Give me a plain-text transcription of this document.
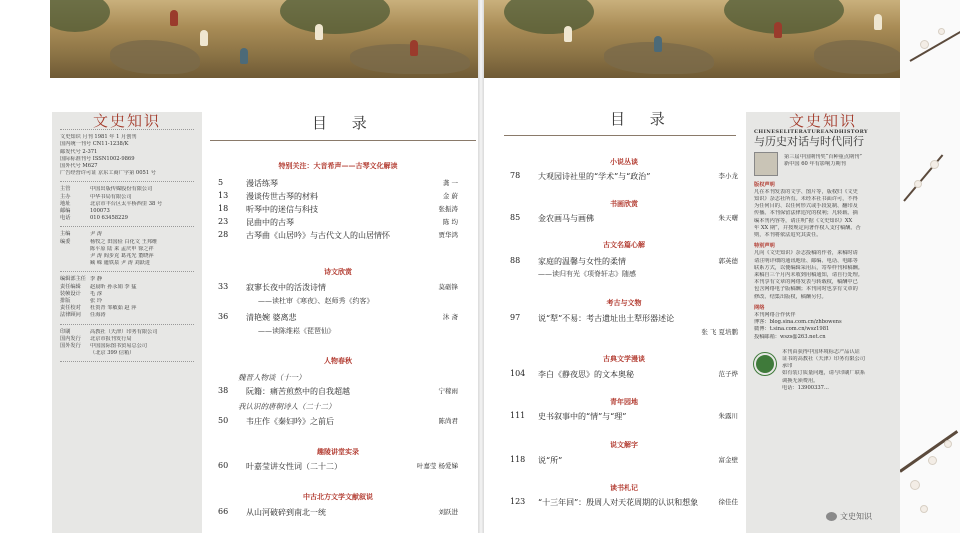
文史知识
文史知识 月刊 1981 年 1 月创刊
国内统一刊号 CN11-1238/K
邮发代号 2-371
国际标准刊号 ISSN1002-9869
国外代号 M627
广告经营许可证 京东工商广字第 0051 号
主管	中国出版传媒股份有限公司
主办	中华书局有限公司
地址	北京市丰台区太平桥西里 38 号
邮编	100073
电话	010 63458229
主编	尹 涛
编委	杨牧之 田国俭 白化文 王邦维
陈平原 陆 来 孟庆申 徐之祥
尹 涛 阎步克 葛兆光 董晓萍
臧 嵘 蘧铁泉 尹 涛 刘跃进
编辑部主任 李 静
责任编辑	赵晨昕 孙永娟 李 猛
装帧设计	毛 淳
排版	张 玲
责任校对	杜贺青 邹敏茹 赵 萍
法律顾问	任海涛
印刷	高教社（天津）印务有限公司
国内发行	北京市报刊发行局
国外发行	中国国际图书贸易总公司
（北京 399 信箱）
目 录
特别关注：大音希声——古琴文化解读
5	漫话练琴	龚 一
13	漫谈传世古琴的材料	金 蔚
18	听琴中的迷信与科技	张振涛
23	昆曲中的古琴	陈 均
28	古琴曲《山居吟》与古代文人的山居情怀	贾华鸿
诗文欣赏
33	寂寥长夜中的活泼诗情	莫砺锋
——读杜审《寒夜》、赵师秀《约客》
36	清艳婉 婆离悲	沐 斋
——读陈维崧《琵琶仙》
人物春秋
魏晋人物谈（十一）
38	阮籍：痛苦煎熬中的自我超越	宁稼雨
我认识的唐朝诗人（二十二）
50	韦庄作《秦妇吟》之前后	陈尚君
趣陵讲堂实录
60	叶嘉莹讲女性词（二十二）	叶嘉莹 杨爱娣
中古北方文学文献叙说
66	从山河破碎到南北一统	刘跃进
目 录
小说丛谈
78	大观园诗社里的“学术”与“政治”	李小龙
书画欣赏
85	金农画马与画佛	朱天曙
古文名篇心解
88	家庭的温馨与女性的柔情	郭英德
——读归有光《项脊轩志》随感
考古与文物
97	说“犁”不易：考古遗址出土犁形器述论
张 飞 夏培鹏
古典文学漫谈
104	李白《静夜思》的文本奥秘	范子烨
青年园地
111	史书叙事中的“情”与“理”	朱露川
说文解字
118	说“所”	富金壁
读书札记
123	“十三年回”：殷周人对天花周期的认识和想象	徐佳佳
文史知识
CHINESELITERATUREANDHISTORY
与历史对话与时代同行
第三届中国期刊奖“百种重点期刊”
新中国 60 年有影响力期刊
版权声明
凡在本刊发表的文学、图片等，版权归《文史
知识》杂志社所有。未经本社书面许可，不得
为任何目的、以任何形式或手段复制、翻印及
传播。本刊保留法律追究的权利；凡转载、摘
编本刊内容等，请注明“据《文史知识》XX
年 XX 期”，并按规定向著作权人支付稿酬。否
则，本刊将依法追究其责任。
特别声明
凡向《文史知识》杂志投稿的作者，来稿时请
请注明详细的通讯地址、邮编、电话、电邮等
联系方式，以便编辑采用后，寄奉样刊和稿酬。
来稿自三个月内未收到用稿通知，请自行处理。
本刊享有文章的网络发表与转载权，稿酬中已
包含网络电子版稿酬；本刊同时也享有文章的
修改、结集出版权，稿酬另付。
网络
本刊网络合作伙伴
博客：blog.sina.com.cn/zhbowens
微博：t.sina.com.cn/wsz1981
投稿邮箱：wszs@263.net.cn
本刊由获得中国环境标志产品认证
证书的高教社（天津）印务有限公司
承印
如有装订质量问题，请与印刷厂联系
调换无须费用。
电话：13900337...
文史知识
